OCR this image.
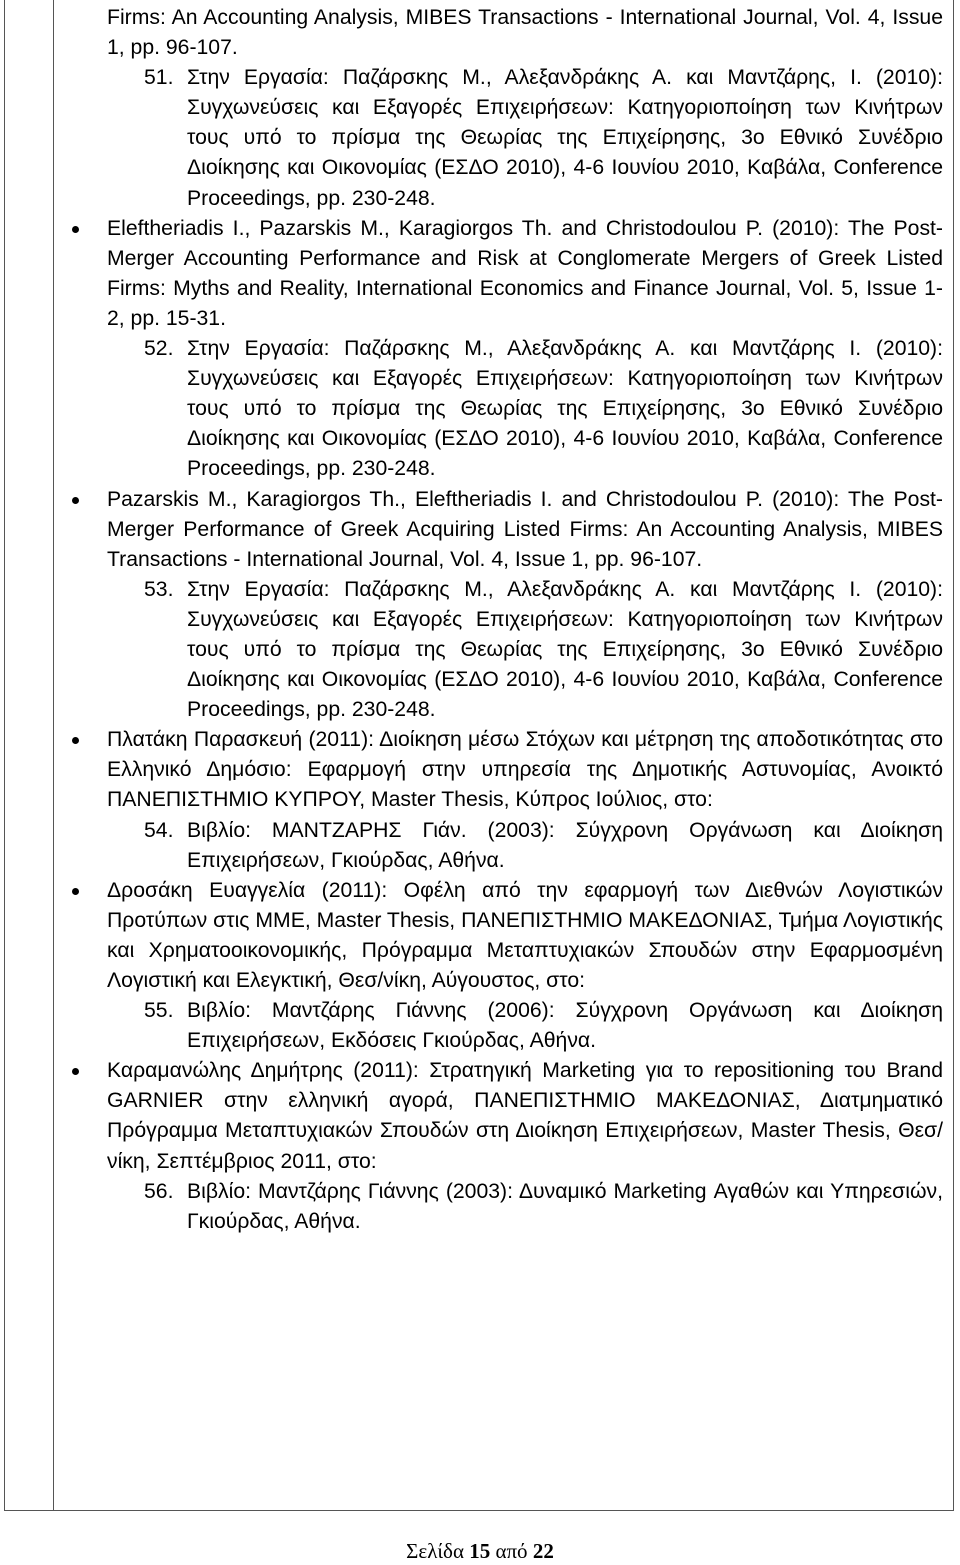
Firms: An Accounting Analysis, MIBES Transactions - International Journal, Vol. 4, Issue 1, pp. 96-107.
51. Στην Εργασία: Παζάρσκης Μ., Αλεξανδράκης Α. και Μαντζάρης, Ι. (2010): Συγχωνεύσεις και Εξαγορές Επιχειρήσεων: Κατηγοριοποίηση των Κινήτρων τους υπό το πρίσμα της Θεωρίας της Επιχείρησης, 3ο Εθνικό Συνέδριο Διοίκησης και Οικονομίας (ΕΣΔΟ 2010), 4-6 Ιουνίου 2010, Καβάλα, Conference Proceedings, pp. 230-248.
Eleftheriadis I., Pazarskis M., Karagiorgos Th. and Christodoulou P. (2010): The Post-Merger Accounting Performance and Risk at Conglomerate Mergers of Greek Listed Firms: Myths and Reality, International Economics and Finance Journal, Vol. 5, Issue 1-2, pp. 15-31.
52. Στην Εργασία: Παζάρσκης Μ., Αλεξανδράκης Α. και Μαντζάρης Ι. (2010): Συγχωνεύσεις και Εξαγορές Επιχειρήσεων: Κατηγοριοποίηση των Κινήτρων τους υπό το πρίσμα της Θεωρίας της Επιχείρησης, 3ο Εθνικό Συνέδριο Διοίκησης και Οικονομίας (ΕΣΔΟ 2010), 4-6 Ιουνίου 2010, Καβάλα, Conference Proceedings, pp. 230-248.
Pazarskis M., Karagiorgos Th., Eleftheriadis I. and Christodoulou P. (2010): The Post-Merger Performance of Greek Acquiring Listed Firms: An Accounting Analysis, MIBES Transactions - International Journal, Vol. 4, Issue 1, pp. 96-107.
53. Στην Εργασία: Παζάρσκης Μ., Αλεξανδράκης Α. και Μαντζάρης Ι. (2010): Συγχωνεύσεις και Εξαγορές Επιχειρήσεων: Κατηγοριοποίηση των Κινήτρων τους υπό το πρίσμα της Θεωρίας της Επιχείρησης, 3ο Εθνικό Συνέδριο Διοίκησης και Οικονομίας (ΕΣΔΟ 2010), 4-6 Ιουνίου 2010, Καβάλα, Conference Proceedings, pp. 230-248.
Πλατάκη Παρασκευή (2011): Διοίκηση μέσω Στόχων και μέτρηση της αποδοτικότητας στο Ελληνικό Δημόσιο: Εφαρμογή στην υπηρεσία της Δημοτικής Αστυνομίας, Ανοικτό ΠΑΝΕΠΙΣΤΗΜΙΟ ΚΥΠΡΟΥ, Master Thesis, Κύπρος Ιούλιος, στο:
54. Βιβλίο: ΜΑΝΤΖΑΡΗΣ Γιάν. (2003): Σύγχρονη Οργάνωση και Διοίκηση Επιχειρήσεων, Γκιούρδας, Αθήνα.
Δροσάκη Ευαγγελία (2011): Οφέλη από την εφαρμογή των Διεθνών Λογιστικών Προτύπων στις ΜΜΕ, Master Thesis, ΠΑΝΕΠΙΣΤΗΜΙΟ ΜΑΚΕΔΟΝΙΑΣ, Τμήμα Λογιστικής και Χρηματοοικονομικής, Πρόγραμμα Μεταπτυχιακών Σπουδών στην Εφαρμοσμένη Λογιστική και Ελεγκτική, Θεσ/νίκη, Αύγουστος, στο:
55. Βιβλίο: Μαντζάρης Γιάννης (2006): Σύγχρονη Οργάνωση και Διοίκηση Επιχειρήσεων, Εκδόσεις Γκιούρδας, Αθήνα.
Καραμανώλης Δημήτρης (2011): Στρατηγική Marketing για το repositioning του Brand GARNIER στην ελληνική αγορά, ΠΑΝΕΠΙΣΤΗΜΙΟ ΜΑΚΕΔΟΝΙΑΣ, Διατμηματικό Πρόγραμμα Μεταπτυχιακών Σπουδών στη Διοίκηση Επιχειρήσεων, Master Thesis, Θεσ/νίκη, Σεπτέμβριος 2011, στο:
56. Βιβλίο: Μαντζάρης Γιάννης (2003): Δυναμικό Marketing Αγαθών και Υπηρεσιών, Γκιούρδας, Αθήνα.
Σελίδα 15 από 22
